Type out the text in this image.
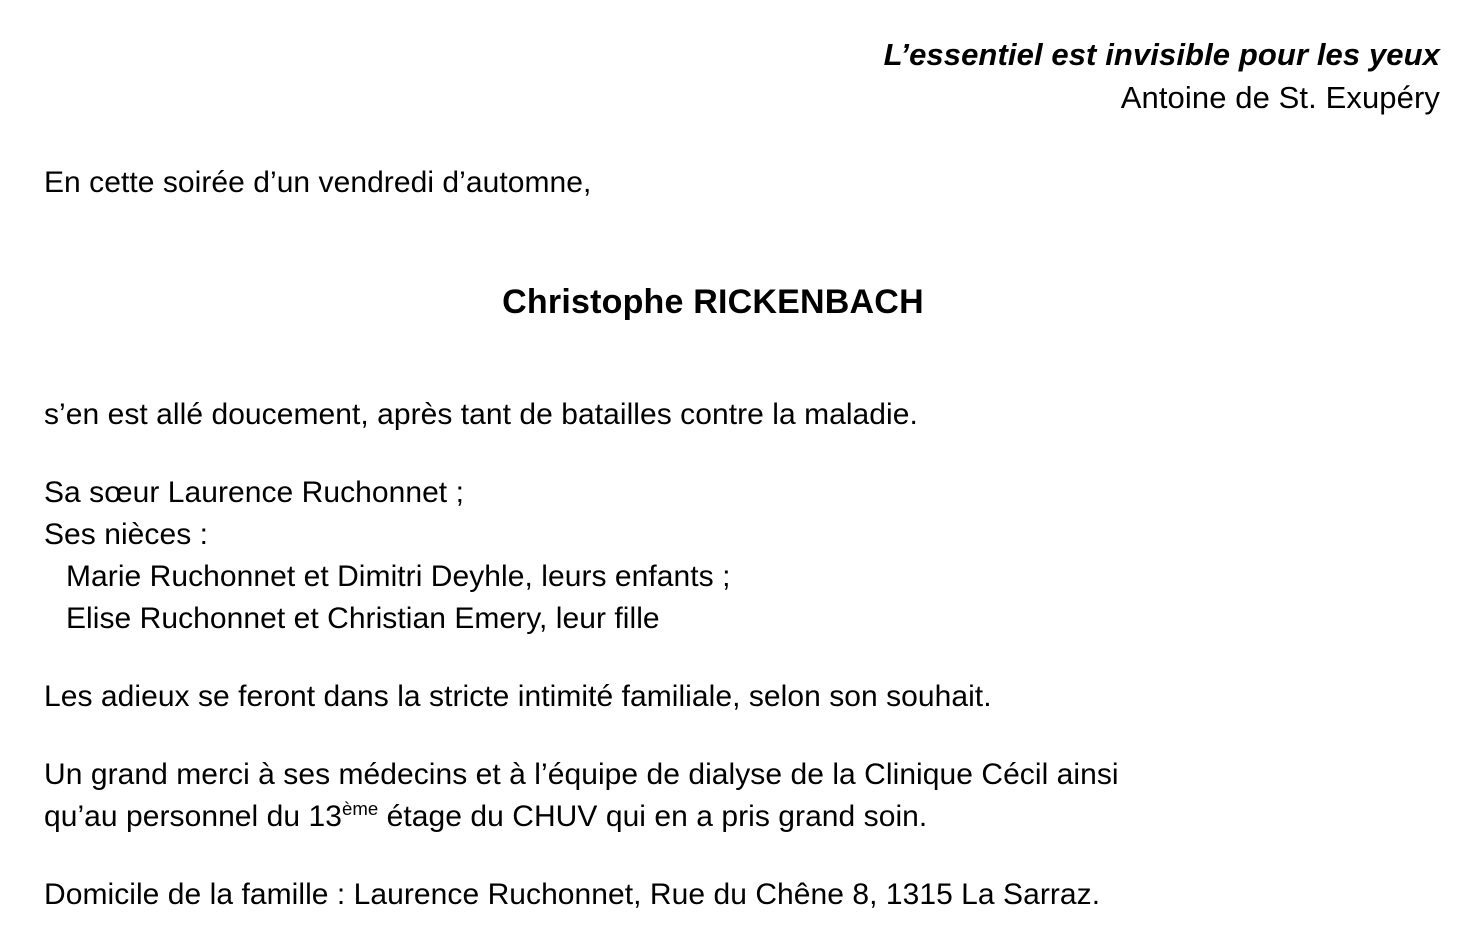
L’essentiel est invisible pour les yeux
Antoine de St. Exupéry

En cette soirée d’un vendredi d’automne,

Christophe RICKENBACH

s’en est allé doucement, après tant de batailles contre la maladie.

Sa sœur Laurence Ruchonnet ;

Ses nièces :

Marie Ruchonnet et Dimitri Deyhle, leurs enfants ;

Elise Ruchonnet et Christian Emery, leur fille

Les adieux se feront dans la stricte intimité familiale, selon son souhait.

Un grand merci à ses médecins et à l’équipe de dialyse de la Clinique Cécil ainsi

qu’au personnel du 13ème étage du CHUV qui en a pris grand soin.

Domicile de la famille : Laurence Ruchonnet, Rue du Chêne 8, 1315 La Sarraz.
